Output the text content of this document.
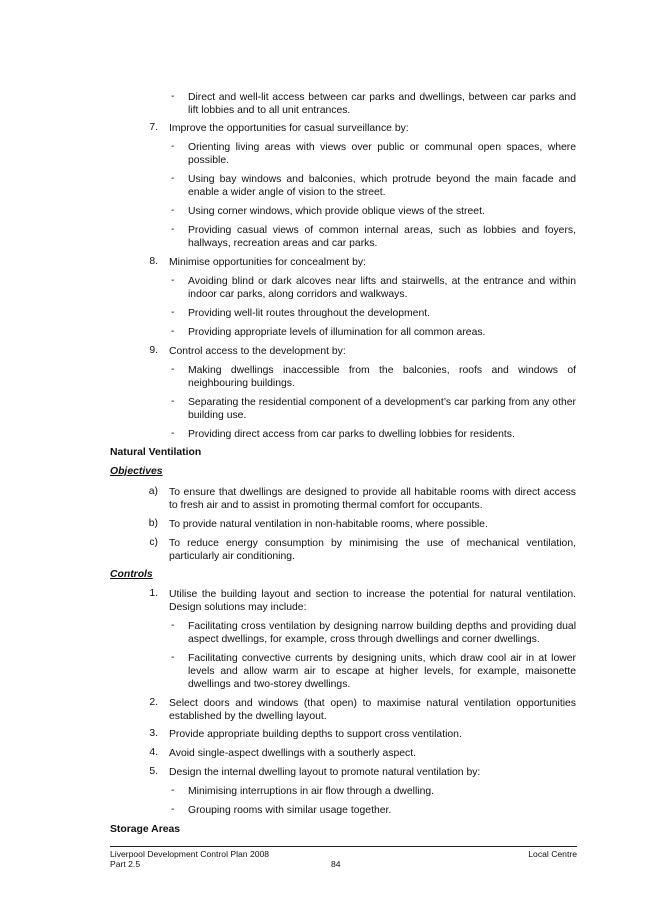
- Direct and well-lit access between car parks and dwellings, between car parks and lift lobbies and to all unit entrances.
7. Improve the opportunities for casual surveillance by:
- Orienting living areas with views over public or communal open spaces, where possible.
- Using bay windows and balconies, which protrude beyond the main facade and enable a wider angle of vision to the street.
- Using corner windows, which provide oblique views of the street.
- Providing casual views of common internal areas, such as lobbies and foyers, hallways, recreation areas and car parks.
8. Minimise opportunities for concealment by:
- Avoiding blind or dark alcoves near lifts and stairwells, at the entrance and within indoor car parks, along corridors and walkways.
- Providing well-lit routes throughout the development.
- Providing appropriate levels of illumination for all common areas.
9. Control access to the development by:
- Making dwellings inaccessible from the balconies, roofs and windows of neighbouring buildings.
- Separating the residential component of a development’s car parking from any other building use.
- Providing direct access from car parks to dwelling lobbies for residents.
Natural Ventilation
Objectives
a) To ensure that dwellings are designed to provide all habitable rooms with direct access to fresh air and to assist in promoting thermal comfort for occupants.
b) To provide natural ventilation in non-habitable rooms, where possible.
c) To reduce energy consumption by minimising the use of mechanical ventilation, particularly air conditioning.
Controls
1. Utilise the building layout and section to increase the potential for natural ventilation. Design solutions may include:
- Facilitating cross ventilation by designing narrow building depths and providing dual aspect dwellings, for example, cross through dwellings and corner dwellings.
- Facilitating convective currents by designing units, which draw cool air in at lower levels and allow warm air to escape at higher levels, for example, maisonette dwellings and two-storey dwellings.
2. Select doors and windows (that open) to maximise natural ventilation opportunities established by the dwelling layout.
3. Provide appropriate building depths to support cross ventilation.
4. Avoid single-aspect dwellings with a southerly aspect.
5. Design the internal dwelling layout to promote natural ventilation by:
- Minimising interruptions in air flow through a dwelling.
- Grouping rooms with similar usage together.
Storage Areas
Liverpool Development Control Plan 2008
Part 2.5	84
Local Centre
